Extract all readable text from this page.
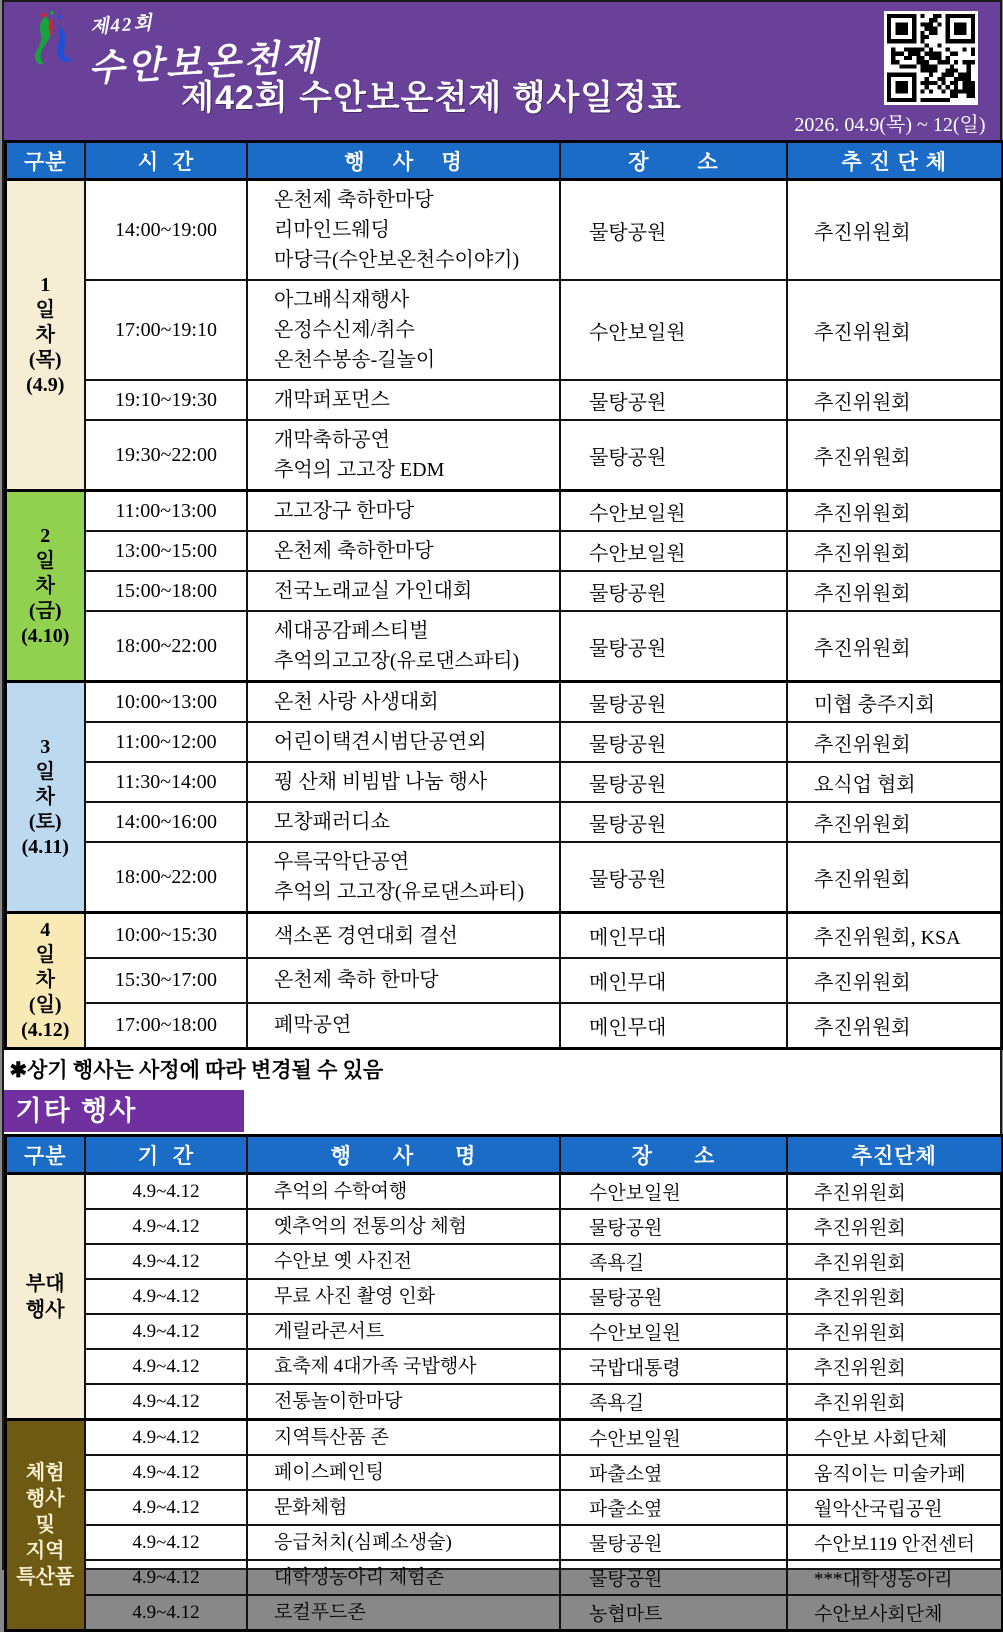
제42회
수안보온천제
제42회 수안보온천제 행사일정표
2026. 04.9(목) ~ 12(일)
구분	시  간	행    사    명	장       소	추 진 단 체

1
일
차
(목)
(4.9)
	14:00~19:00	
온천제 축하한마당
리마인드웨딩
마당극(수안보온천수이야기)
	물탕공원	추진위원회
	17:00~19:10	아그배식재행사
온정수신제/취수
온천수봉송-길놀이	수안보일원	추진위원회
	19:10~19:30	개막퍼포먼스	물탕공원	추진위원회
	19:30~22:00	개막축하공연
추억의 고고장 EDM	물탕공원	추진위원회

2
일
차
(금)
(4.10)	11:00~13:00	고고장구 한마당	수안보일원	추진위원회
	13:00~15:00	온천제 축하한마당	수안보일원	추진위원회
	15:00~18:00	전국노래교실 가인대회	물탕공원	추진위원회
	18:00~22:00	세대공감페스티벌
추억의고고장(유로댄스파티)	물탕공원	추진위원회

3
일
차
(토)
(4.11)	10:00~13:00	온천 사랑 사생대회	물탕공원	미협 충주지회
	11:00~12:00	어린이택견시범단공연외	물탕공원	추진위원회
	11:30~14:00	꿩 산채 비빔밥 나눔 행사	물탕공원	요식업 협회
	14:00~16:00	모창패러디쇼	물탕공원	추진위원회
	18:00~22:00	우륵국악단공연
추억의 고고장(유로댄스파티)	물탕공원	추진위원회

4
일
차
(일)
(4.12)	10:00~15:30	색소폰 경연대회 결선	메인무대	추진위원회, KSA
	15:30~17:00	온천제 축하 한마당	메인무대	추진위원회
	17:00~18:00	폐막공연	메인무대	추진위원회
✱상기 행사는 사정에 따라 변경될 수 있음
기타 행사
구분	기  간	행      사      명	장      소	추진단체

부대
행사	4.9~4.12	추억의 수학여행	수안보일원	추진위원회
	4.9~4.12	옛추억의 전통의상 체험	물탕공원	추진위원회
	4.9~4.12	수안보 옛 사진전	족욕길	추진위원회
	4.9~4.12	무료 사진 촬영 인화	물탕공원	추진위원회
	4.9~4.12	게릴라콘서트	수안보일원	추진위원회
	4.9~4.12	효축제 4대가족 국밥행사	국밥대통령	추진위원회
	4.9~4.12	전통놀이한마당	족욕길	추진위원회

체험
행사
및
지역
특산품	4.9~4.12	지역특산품 존	수안보일원	수안보 사회단체
	4.9~4.12	페이스페인팅	파출소옆	움직이는 미술카페
	4.9~4.12	문화체험	파출소옆	월악산국립공원
	4.9~4.12	응급처치(심폐소생술)	물탕공원	수안보119 안전센터
	4.9~4.12	대학생동아리 체험존	물탕공원	***대학생동아리
	4.9~4.12	로컬푸드존	농협마트	수안보사회단체
